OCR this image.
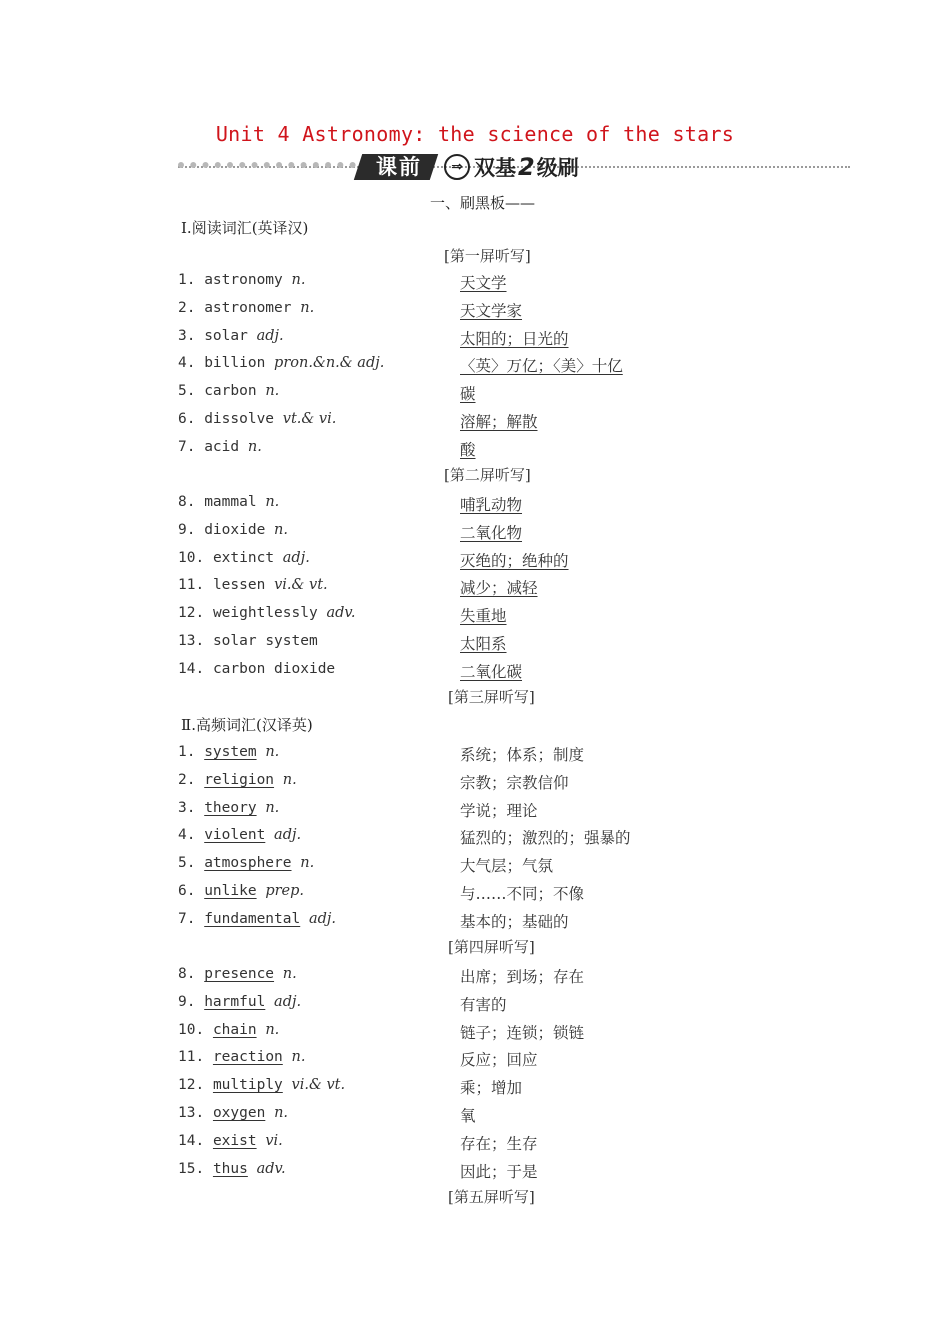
Unit 4 Astronomy: the science of the stars
课前	⇒ 双基 2 级刷
一、刷黑板——
Ⅰ.阅读词汇(英译汉)
[第一屏听写]
1. astronomy n.	天文学
2. astronomer n.	天文学家
3. solar adj.	太阳的；日光的
4. billion pron.&n.& adj.	〈英〉万亿；〈美〉十亿
5. carbon n.	碳
6. dissolve vt.& vi.	溶解；解散
7. acid n.	酸
[第二屏听写]
8. mammal n.	哺乳动物
9. dioxide n.	二氧化物
10. extinct adj.	灭绝的；绝种的
11. lessen vi.& vt.	减少；减轻
12. weightlessly adv.	失重地
13. solar system	太阳系
14. carbon dioxide	二氧化碳
[第三屏听写]
Ⅱ.高频词汇(汉译英)
1. system n.	系统；体系；制度
2. religion n.	宗教；宗教信仰
3. theory n.	学说；理论
4. violent adj.	猛烈的；激烈的；强暴的
5. atmosphere n.	大气层；气氛
6. unlike prep.	与……不同；不像
7. fundamental adj.	基本的；基础的
[第四屏听写]
8. presence n.	出席；到场；存在
9. harmful adj.	有害的
10. chain n.	链子；连锁；锁链
11. reaction n.	反应；回应
12. multiply vi.& vt.	乘；增加
13. oxygen n.	氧
14. exist vi.	存在；生存
15. thus adv.	因此；于是
[第五屏听写]
